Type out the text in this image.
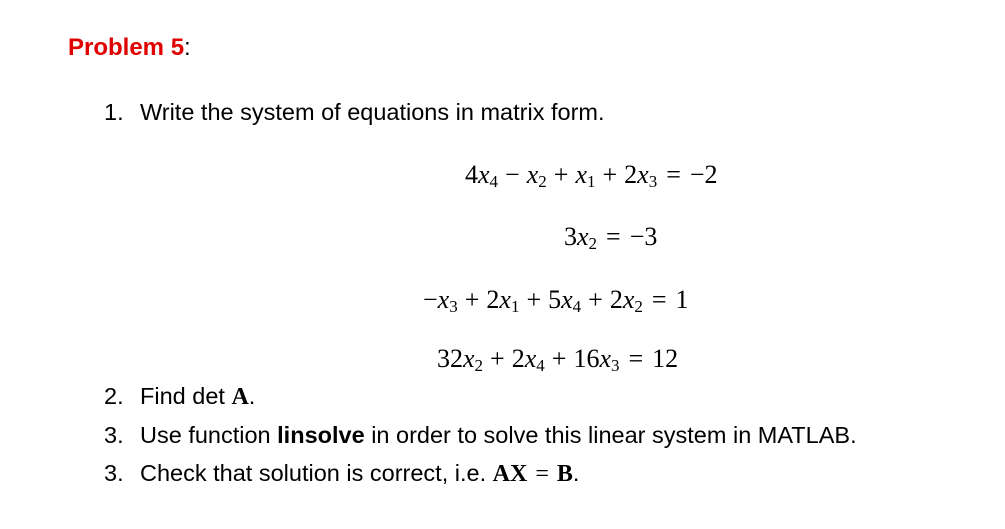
Problem 5:
1. Write the system of equations in matrix form.
$4x_4 - x_2 + x_1 + 2x_3 = -2$
$3x_2 = -3$
$-x_3 + 2x_1 + 5x_4 + 2x_2 = 1$
$32x_2 + 2x_4 + 16x_3 = 12$
2. Find det A.
3. Use function linsolve in order to solve this linear system in MATLAB.
3. Check that solution is correct, i.e. AX = B.
